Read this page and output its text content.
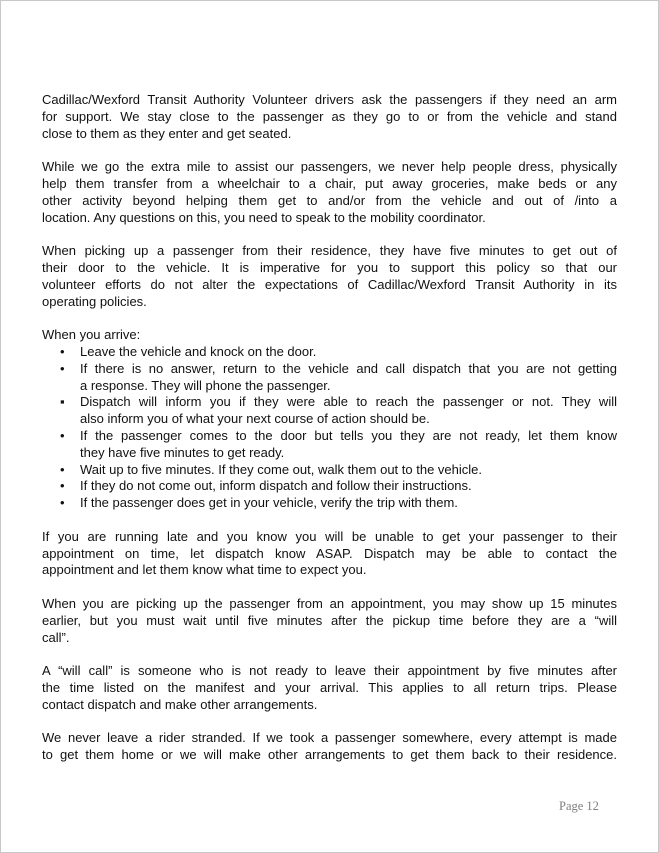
Cadillac/Wexford Transit Authority Volunteer drivers ask the passengers if they need an arm
for support. We stay close to the passenger as they go to or from the vehicle and stand
close to them as they enter and get seated.
While we go the extra mile to assist our passengers, we never help people dress, physically
help them transfer from a wheelchair to a chair, put away groceries, make beds or any
other activity beyond helping them get to and/or from the vehicle and out of /into a
location. Any questions on this, you need to speak to the mobility coordinator.
When picking up a passenger from their residence, they have five minutes to get out of
their door to the vehicle. It is imperative for you to support this policy so that our
volunteer efforts do not alter the expectations of Cadillac/Wexford Transit Authority in its
operating policies.
When you arrive:
• Leave the vehicle and knock on the door.
• If there is no answer, return to the vehicle and call dispatch that you are not getting
a response. They will phone the passenger.
▪ Dispatch will inform you if they were able to reach the passenger or not. They will
also inform you of what your next course of action should be.
• If the passenger comes to the door but tells you they are not ready, let them know
they have five minutes to get ready.
• Wait up to five minutes. If they come out, walk them out to the vehicle.
• If they do not come out, inform dispatch and follow their instructions.
• If the passenger does get in your vehicle, verify the trip with them.
If you are running late and you know you will be unable to get your passenger to their
appointment on time, let dispatch know ASAP. Dispatch may be able to contact the
appointment and let them know what time to expect you.
When you are picking up the passenger from an appointment, you may show up 15 minutes
earlier, but you must wait until five minutes after the pickup time before they are a “will
call”.
A “will call” is someone who is not ready to leave their appointment by five minutes after
the time listed on the manifest and your arrival. This applies to all return trips. Please
contact dispatch and make other arrangements.
We never leave a rider stranded. If we took a passenger somewhere, every attempt is made
to get them home or we will make other arrangements to get them back to their residence.
Page 12
